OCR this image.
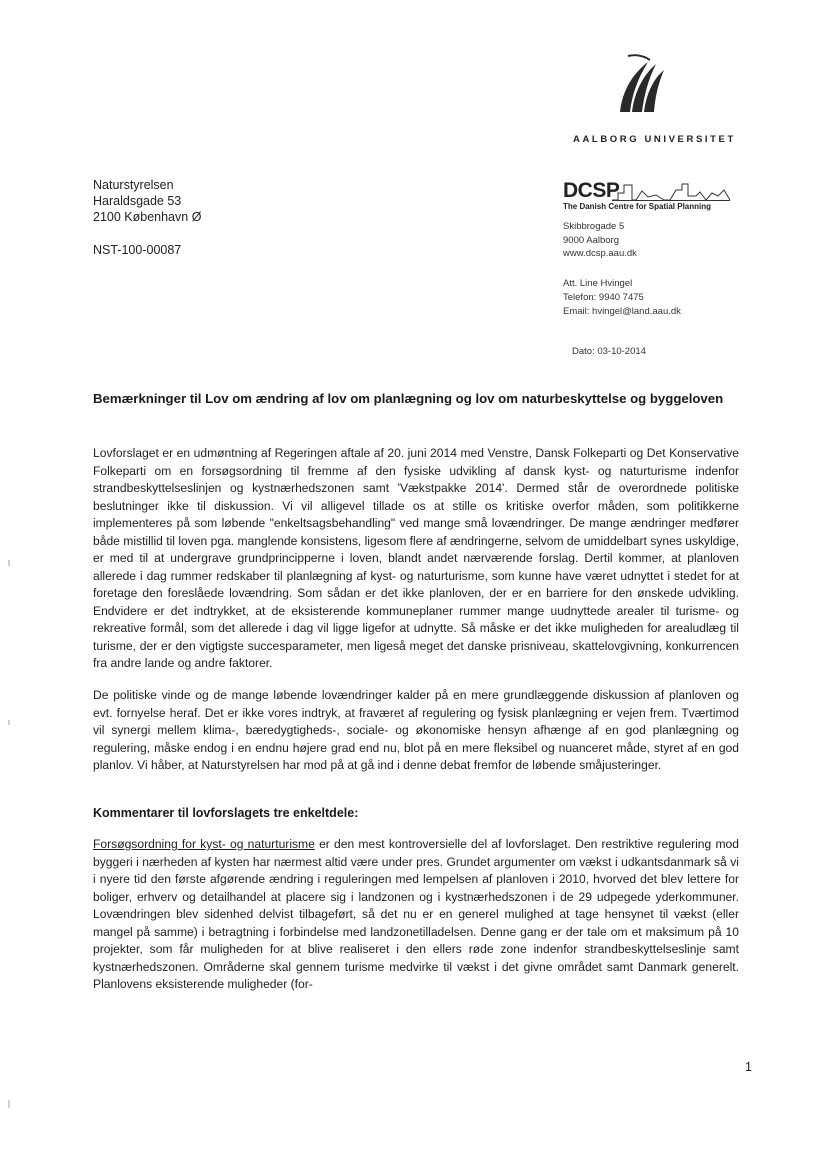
AALBORG UNIVERSITET
Naturstyrelsen
Haraldsgade 53
2100 København Ø
NST-100-00087
DCSP
The Danish Centre for Spatial Planning
Skibbrogade 5
9000 Aalborg
www.dcsp.aau.dk
Att. Line Hvingel
Telefon: 9940 7475
Email: hvingel@land.aau.dk
Dato: 03-10-2014
Bemærkninger til Lov om ændring af lov om planlægning og lov om naturbeskyttelse og byggeloven
Lovforslaget er en udmøntning af Regeringen aftale af 20. juni 2014 med Venstre, Dansk Folkeparti og Det Konservative Folkeparti om en forsøgsordning til fremme af den fysiske udvikling af dansk kyst- og naturturisme indenfor strandbeskyttelseslinjen og kystnærhedszonen samt 'Vækstpakke 2014'. Dermed står de overordnede politiske beslutninger ikke til diskussion. Vi vil alligevel tillade os at stille os kritiske overfor måden, som politikkerne implementeres på som løbende "enkeltsagsbehandling" ved mange små lovændringer. De mange ændringer medfører både mistillid til loven pga. manglende konsistens, ligesom flere af ændringerne, selvom de umiddelbart synes uskyldige, er med til at undergrave grundprincipperne i loven, blandt andet nærværende forslag. Dertil kommer, at planloven allerede i dag rummer redskaber til planlægning af kyst- og naturturisme, som kunne have været udnyttet i stedet for at foretage den foreslåede lovændring. Som sådan er det ikke planloven, der er en barriere for den ønskede udvikling. Endvidere er det indtrykket, at de eksisterende kommuneplaner rummer mange uudnyttede arealer til turisme- og rekreative formål, som det allerede i dag vil ligge ligefor at udnytte. Så måske er det ikke muligheden for arealudlæg til turisme, der er den vigtigste succesparameter, men ligeså meget det danske prisniveau, skattelovgivning, konkurrencen fra andre lande og andre faktorer.
De politiske vinde og de mange løbende lovændringer kalder på en mere grundlæggende diskussion af planloven og evt. fornyelse heraf. Det er ikke vores indtryk, at fraværet af regulering og fysisk planlægning er vejen frem. Tværtimod vil synergi mellem klima-, bæredygtigheds-, sociale- og økonomiske hensyn afhænge af en god planlægning og regulering, måske endog i en endnu højere grad end nu, blot på en mere fleksibel og nuanceret måde, styret af en god planlov. Vi håber, at Naturstyrelsen har mod på at gå ind i denne debat fremfor de løbende småjusteringer.
Kommentarer til lovforslagets tre enkeltdele:
Forsøgsordning for kyst- og naturturisme er den mest kontroversielle del af lovforslaget. Den restriktive regulering mod byggeri i nærheden af kysten har nærmest altid være under pres. Grundet argumenter om vækst i udkantsdanmark så vi i nyere tid den første afgørende ændring i reguleringen med lempelsen af planloven i 2010, hvorved det blev lettere for boliger, erhverv og detailhandel at placere sig i landzonen og i kystnærhedszonen i de 29 udpegede yderkommuner. Lovændringen blev sidenhed delvist tilbageført, så det nu er en generel mulighed at tage hensynet til vækst (eller mangel på samme) i betragtning i forbindelse med landzonetilladelsen. Denne gang er der tale om et maksimum på 10 projekter, som får muligheden for at blive realiseret i den ellers røde zone indenfor strandbeskyttelseslinje samt kystnærhedszonen. Områderne skal gennem turisme medvirke til vækst i det givne området samt Danmark generelt. Planlovens eksisterende muligheder (for-
1
